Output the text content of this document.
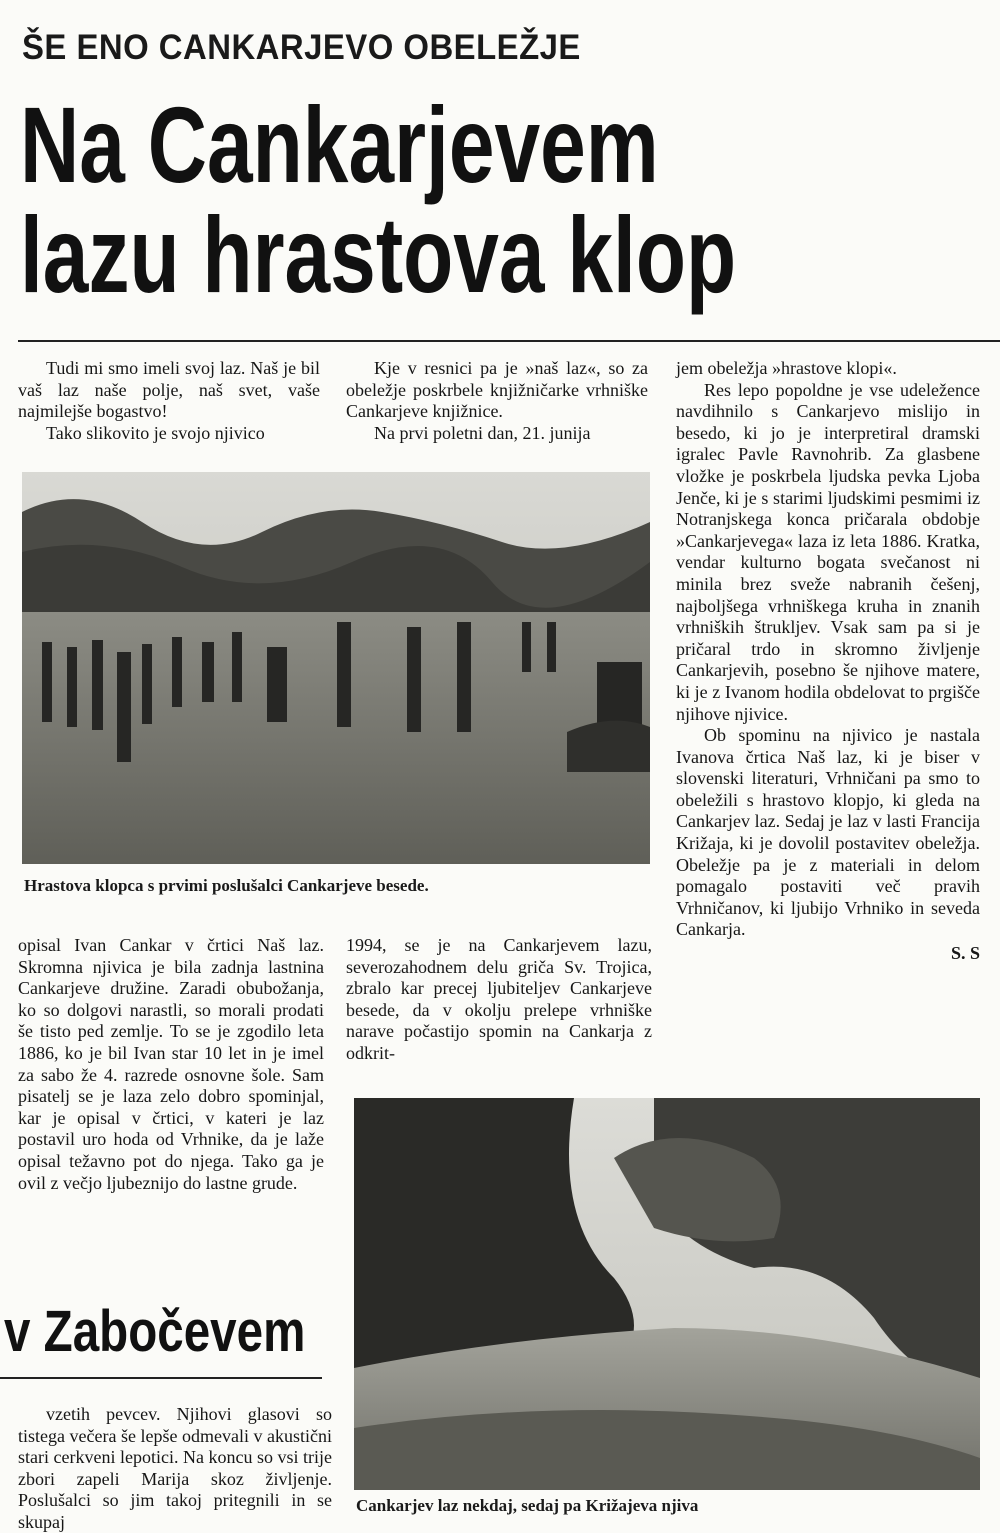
ŠE ENO CANKARJEVO OBELEŽJE
Na Cankarjevem
lazu hrastova klop

Tudi mi smo imeli svoj laz. Naš je bil vaš laz naše polje, naš svet, vaše najmilejše bogastvo!

Tako slikovito je svojo njivico

Kje v resnici pa je »naš laz«, so za obeležje poskrbele knjižničarke vrhniške Cankarjeve knjižnice.

Na prvi poletni dan, 21. junija

jem obeležja »hrastove klopi«.

Res lepo popoldne je vse udeležence navdihnilo s Cankarjevo mislijo in besedo, ki jo je interpretiral dramski igralec Pavle Ravnohrib. Za glasbene vložke je poskrbela ljudska pevka Ljoba Jenče, ki je s starimi ljudskimi pesmimi iz Notranjskega konca pričarala obdobje »Cankarjevega« laza iz leta 1886. Kratka, vendar kulturno bogata svečanost ni minila brez sveže nabranih češenj, najboljšega vrhniškega kruha in znanih vrhniških štrukljev. Vsak sam pa si je pričaral trdo in skromno življenje Cankarjevih, posebno še njihove matere, ki je z Ivanom hodila obdelovat to prgišče njihove njivice.

Ob spominu na njivico je nastala Ivanova črtica Naš laz, ki je biser v slovenski literaturi, Vrhničani pa smo to obeležili s hrastovo klopjo, ki gleda na Cankarjev laz. Sedaj je laz v lasti Francija Križaja, ki je dovolil postavitev obeležja. Obeležje pa je z materiali in delom pomagalo postaviti več pravih Vrhničanov, ki ljubijo Vrhniko in seveda Cankarja.

S. S
Hrastova klopca s prvimi poslušalci Cankarjeve besede.

opisal Ivan Cankar v črtici Naš laz. Skromna njivica je bila zadnja lastnina Cankarjeve družine. Zaradi obubožanja, ko so dolgovi narastli, so morali prodati še tisto ped zemlje. To se je zgodilo leta 1886, ko je bil Ivan star 10 let in je imel za sabo že 4. razrede osnovne šole. Sam pisatelj se je laza zelo dobro spominjal, kar je opisal v črtici, v kateri je laz postavil uro hoda od Vrhnike, da je laže opisal težavno pot do njega. Tako ga je ovil z večjo ljubeznijo do lastne grude.

1994, se je na Cankarjevem lazu, severozahodnem delu griča Sv. Trojica, zbralo kar precej ljubiteljev Cankarjeve besede, da v okolju prelepe vrhniške narave počastijo spomin na Cankarja z odkrit-

v Zabočevem

vzetih pevcev. Njihovi glasovi so tistega večera še lepše odmevali v akustični stari cerkveni lepotici. Na koncu so vsi trije zbori zapeli Marija skoz življenje. Poslušalci so jim takoj pritegnili in se skupaj

Cankarjev laz nekdaj, sedaj pa Križajeva njiva
